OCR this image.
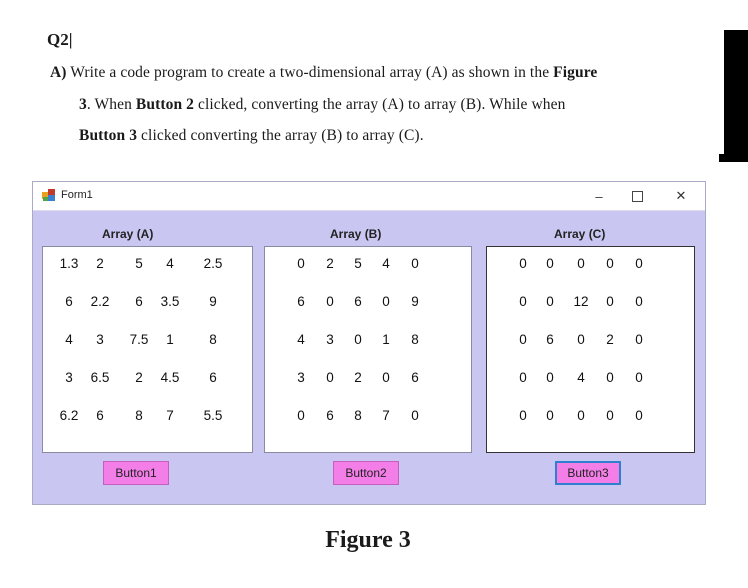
Q2|
A) Write a code program to create a two-dimensional array (A) as shown in the Figure
3. When Button 2 clicked, converting the array (A) to array (B). While when
Button 3 clicked converting the array (B) to array (C).
Form1	–	✕
Array (A)	Array (B)	Array (C)
1.3	2	5	4	2.5
6	2.2	6	3.5	9
4	3	7.5	1	8
3	6.5	2	4.5	6
6.2	6	8	7	5.5
0	2	5	4	0
6	0	6	0	9
4	3	0	1	8
3	0	2	0	6
0	6	8	7	0
0	0	0	0	0
0	0	12	0	0
0	6	0	2	0
0	0	4	0	0
0	0	0	0	0
Button1	Button2	Button3
Figure 3
